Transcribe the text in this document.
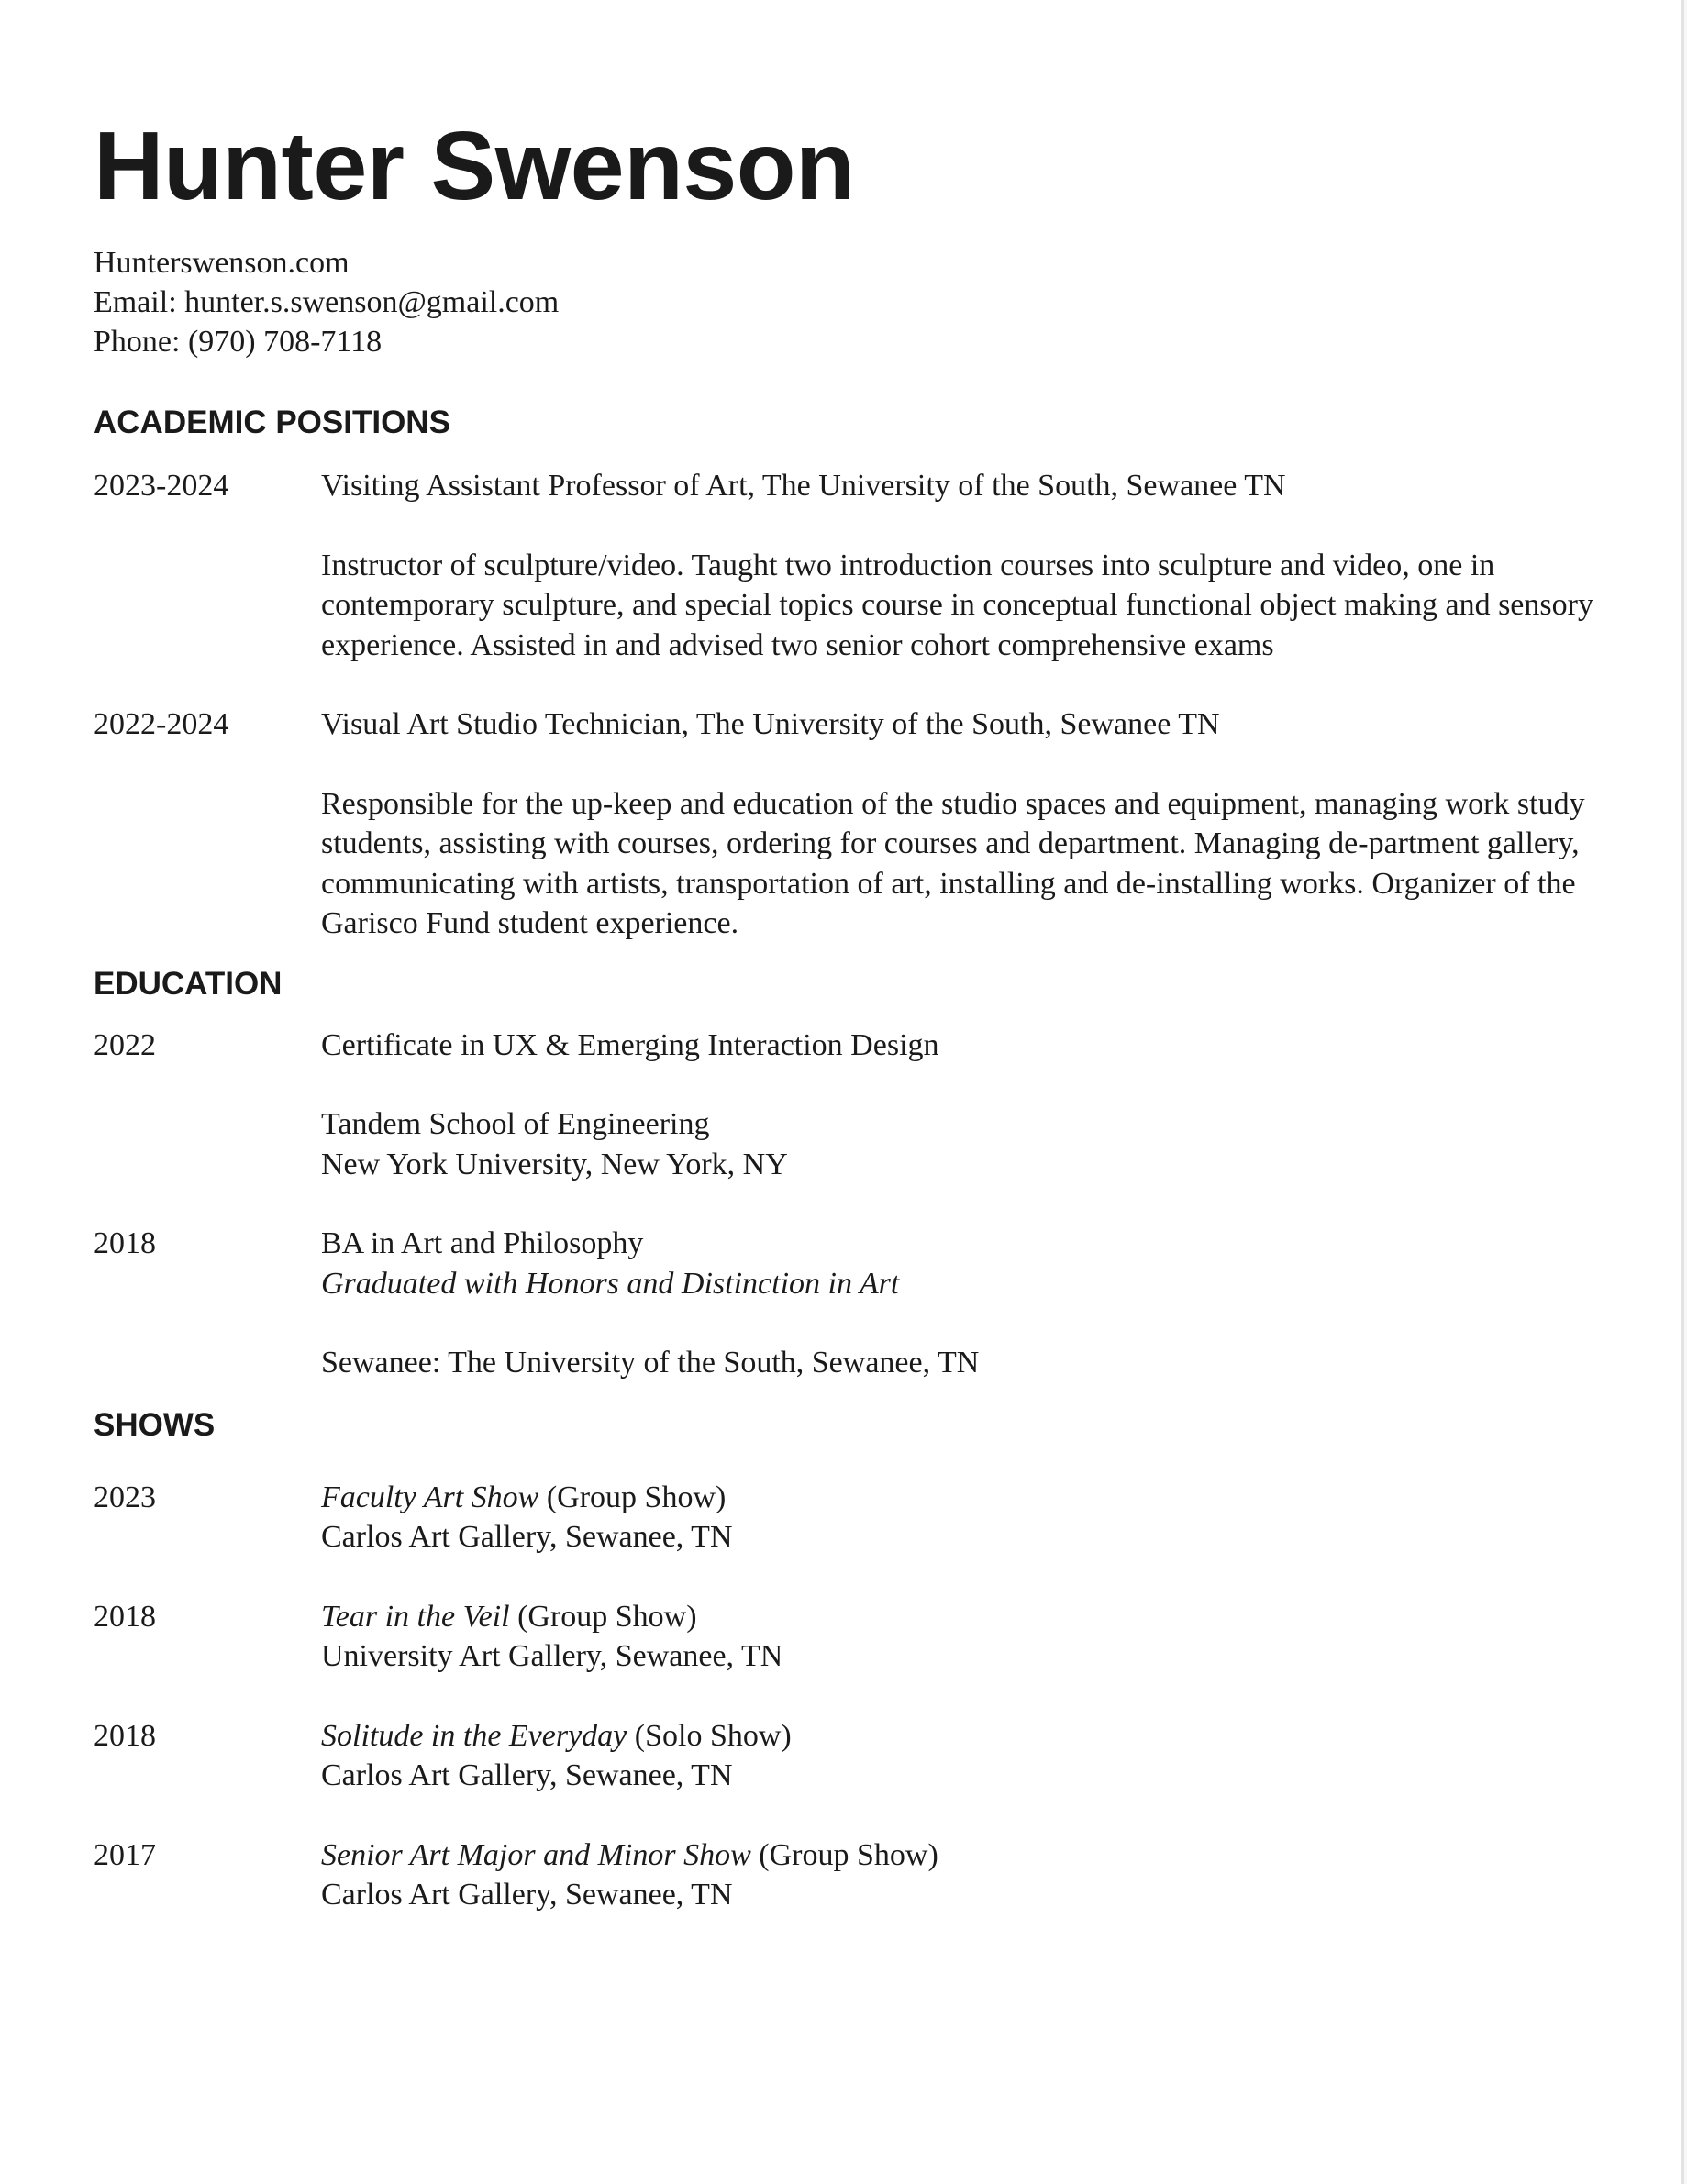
Hunter Swenson
Hunterswenson.com
Email: hunter.s.swenson@gmail.com
Phone: (970) 708-7118
ACADEMIC POSITIONS
2023-2024	Visiting Assistant Professor of Art, The University of the South, Sewanee TN

Instructor of sculpture/video. Taught two introduction courses into sculpture and video, one in contemporary sculpture, and special topics course in conceptual functional object making and sensory experience. Assisted in and advised two senior cohort comprehensive exams

2022-2024	Visual Art Studio Technician, The University of the South, Sewanee TN

Responsible for the up-keep and education of the studio spaces and equipment, managing work study students, assisting with courses, ordering for courses and department. Managing de-partment gallery, communicating with artists, transportation of art, installing and de-installing works. Organizer of the Garisco Fund student experience.

EDUCATION
2022	Certificate in UX & Emerging Interaction Design

Tandem School of Engineering

New York University, New York, NY

2018	BA in Art and Philosophy

Graduated with Honors and Distinction in Art

Sewanee: The University of the South, Sewanee, TN

SHOWS
2023	Faculty Art Show (Group Show)

Carlos Art Gallery, Sewanee, TN

2018	Tear in the Veil (Group Show)

University Art Gallery, Sewanee, TN

2018	Solitude in the Everyday (Solo Show)

Carlos Art Gallery, Sewanee, TN

2017	Senior Art Major and Minor Show (Group Show)

Carlos Art Gallery, Sewanee, TN
